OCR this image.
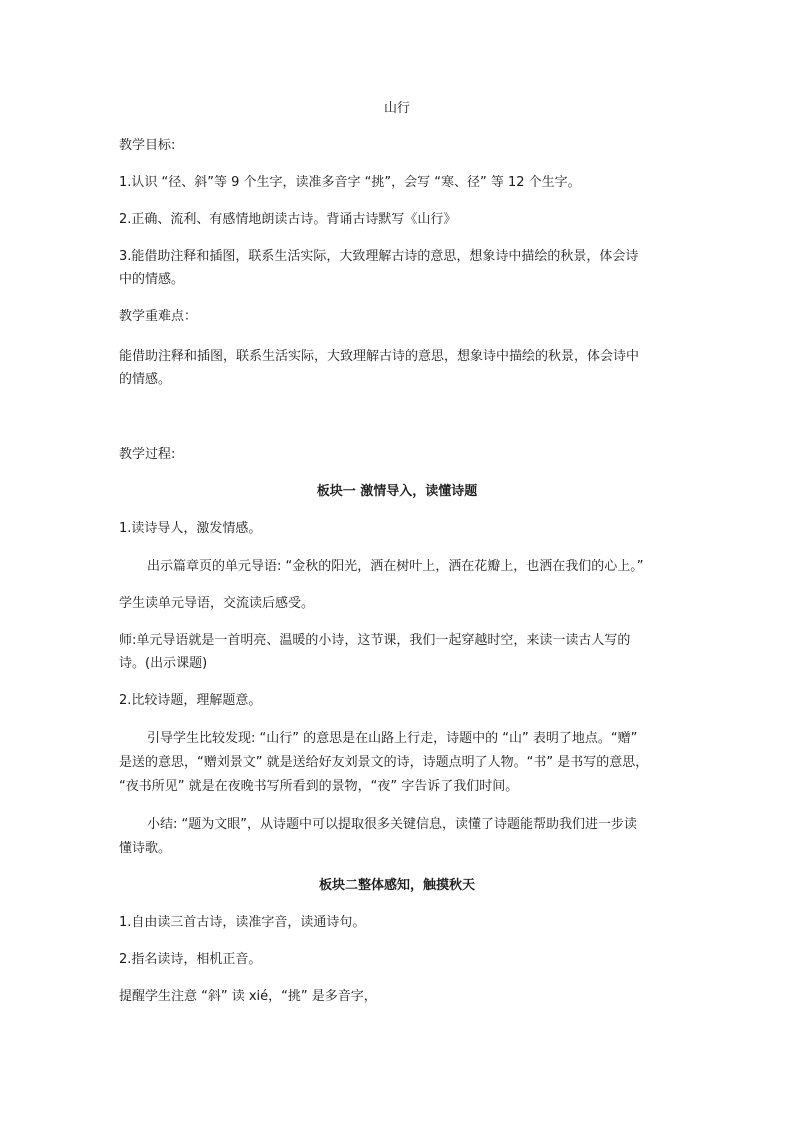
山行
教学目标:
1.认识 “径、斜”等 9 个生字，读准多音字 “挑”，会写 “寒、径” 等 12 个生字。
2.正确、流利、有感情地朗读古诗。背诵古诗默写《山行》
3.能借助注释和插图，联系生活实际，大致理解古诗的意思，想象诗中描绘的秋景，体会诗
中的情感。
教学重难点：
能借助注释和插图，联系生活实际，大致理解古诗的意思，想象诗中描绘的秋景，体会诗中
的情感。
教学过程:
板块一 激情导入，读懂诗题
1.读诗导人，激发情感。
出示篇章页的单元导语: “金秋的阳光，洒在树叶上，洒在花瓣上，也洒在我们的心上。”
学生读单元导语，交流读后感受。
师:单元导语就是一首明亮、温暖的小诗，这节课，我们一起穿越时空，来读一读古人写的
诗。(出示课题)
2.比较诗题，理解题意。
引导学生比较发现: “山行” 的意思是在山路上行走，诗题中的 “山” 表明了地点。“赠”
是送的意思，“赠刘景文” 就是送给好友刘景文的诗，诗题点明了人物。“书” 是书写的意思，
“夜书所见” 就是在夜晚书写所看到的景物，“夜” 字告诉了我们时间。
小结: “题为文眼”，从诗题中可以提取很多关键信息，读懂了诗题能帮助我们进一步读
懂诗歌。
板块二整体感知，触摸秋天
1.自由读三首古诗，读准字音，读通诗句。
2.指名读诗，相机正音。
提醒学生注意 “斜” 读 xié，“挑” 是多音字，
